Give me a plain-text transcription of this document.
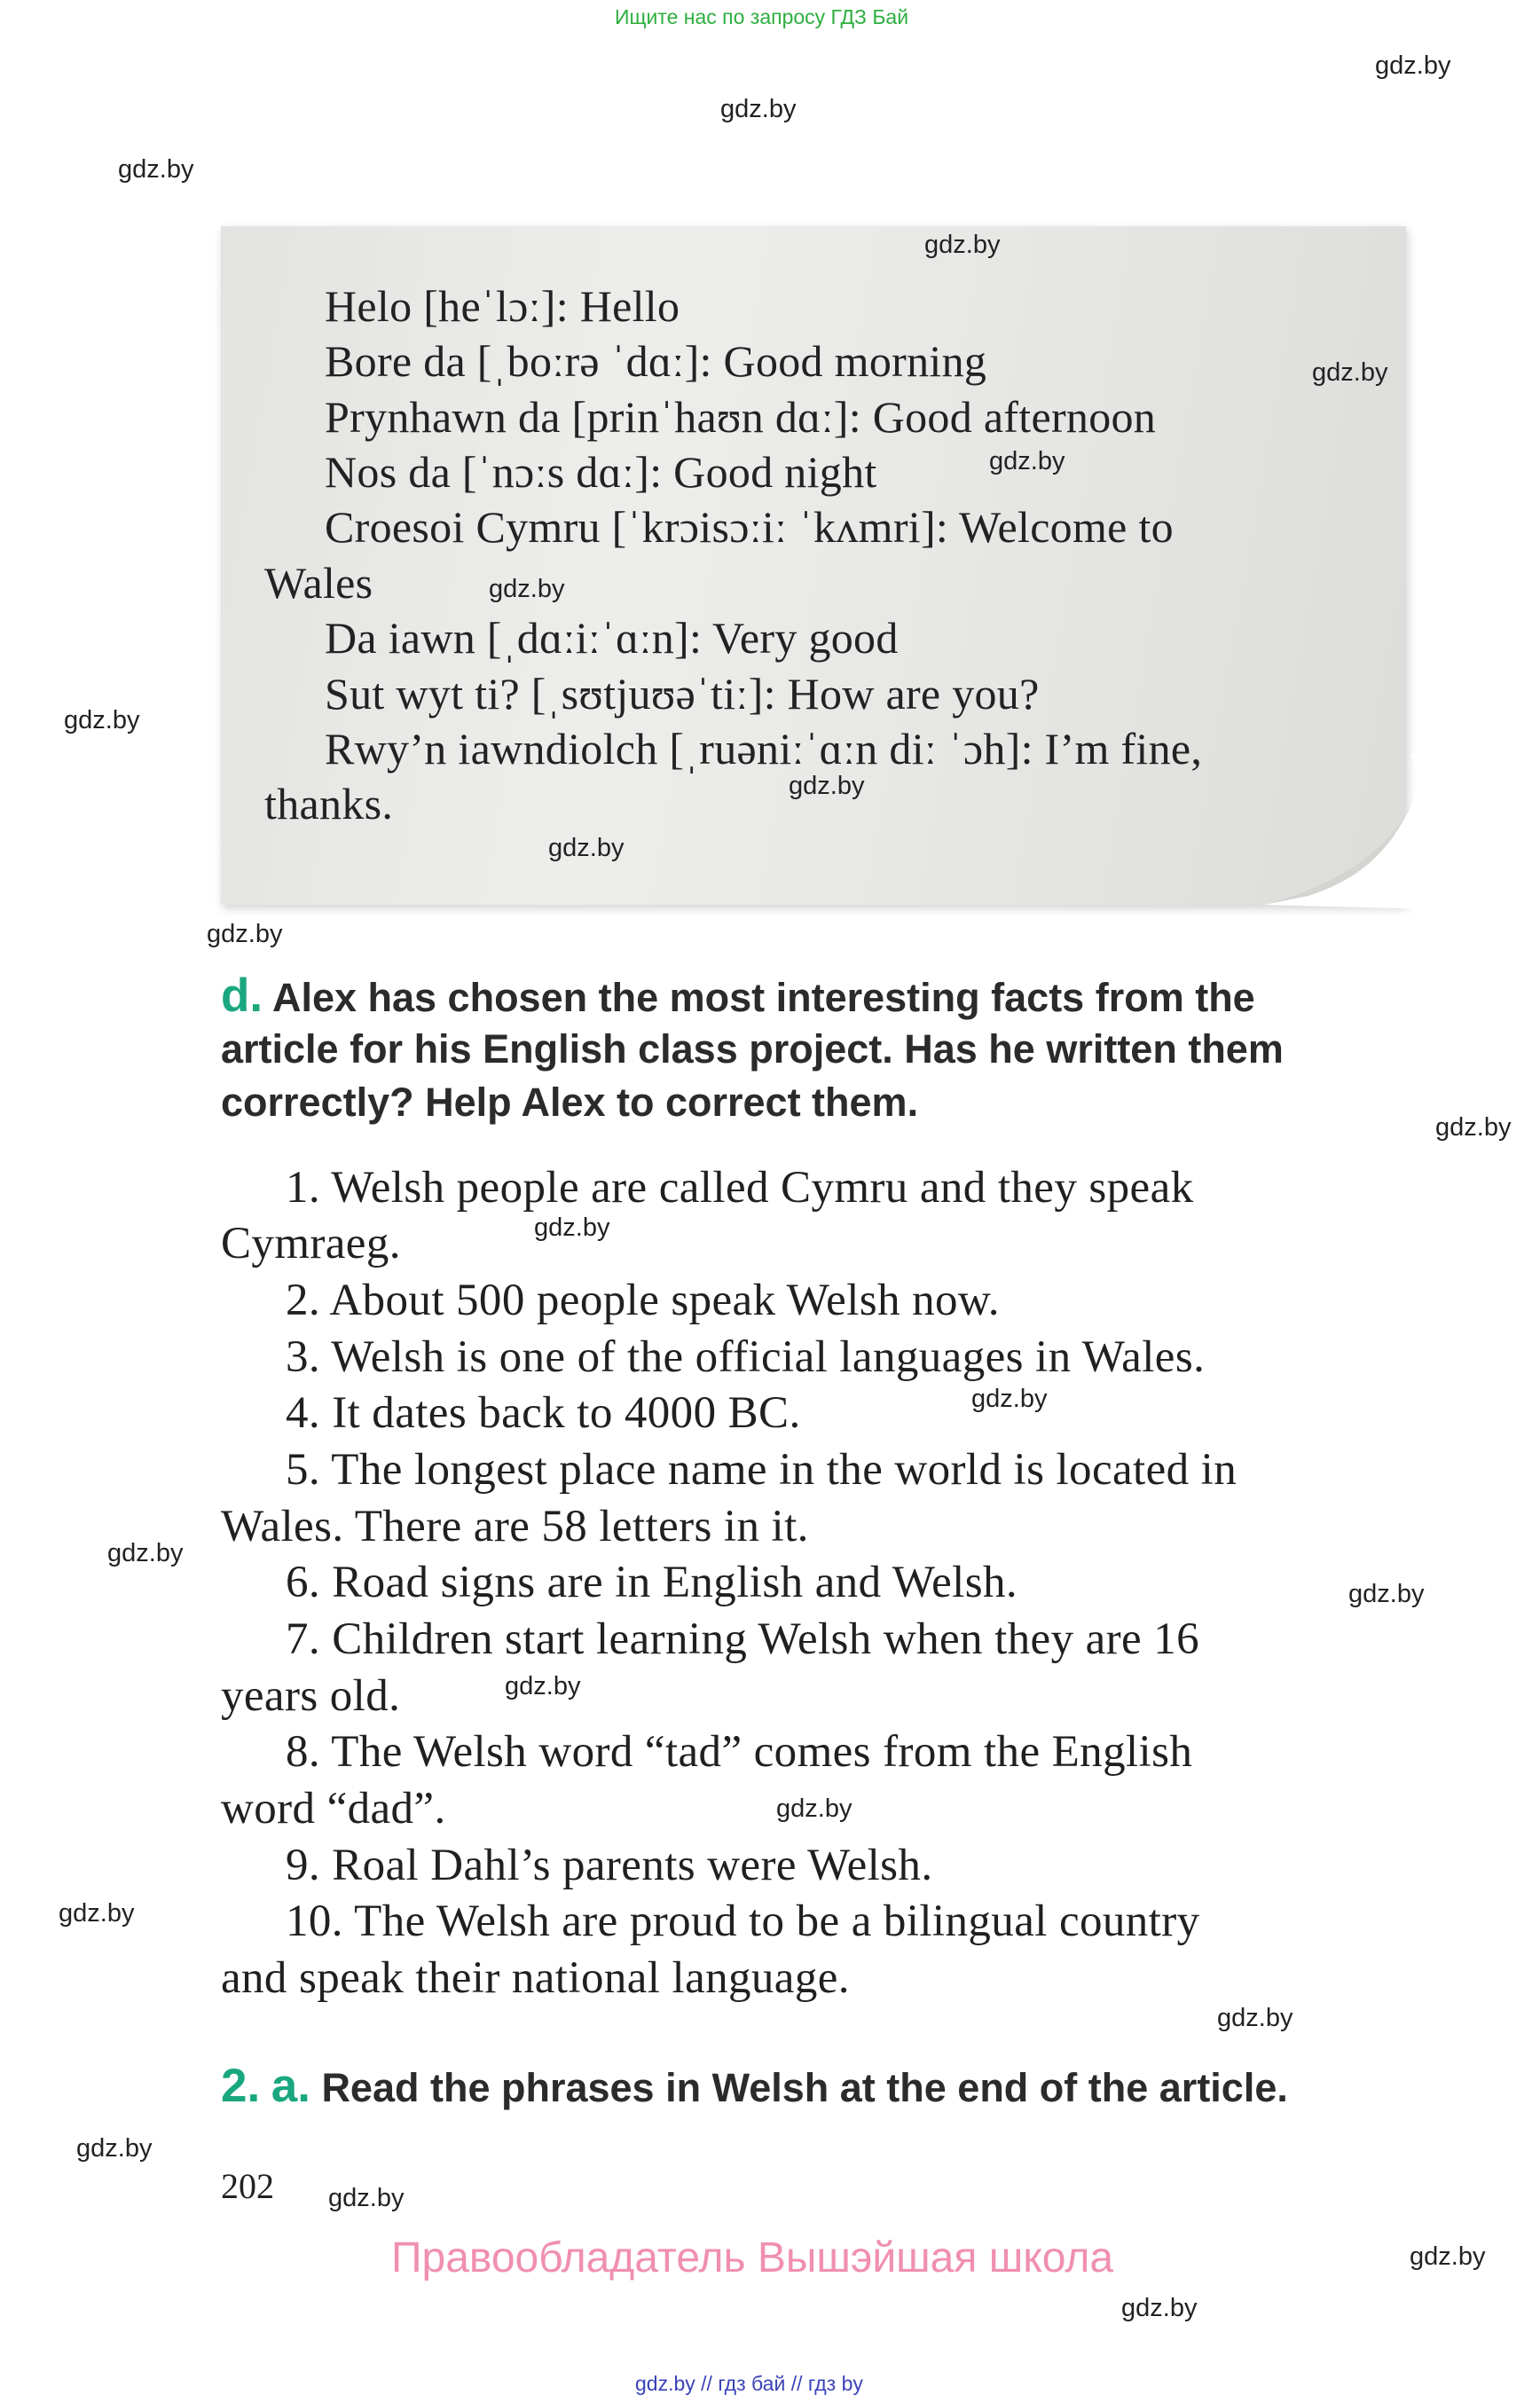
Ищите нас по запросу ГДЗ Бай
gdz.by
gdz.by
gdz.by
Helo [heˈlɔː]: Hello
Bore da [ˌboːrə ˈdɑː]: Good morning
Prynhawn da [prinˈhaʊn dɑː]: Good afternoon
Nos da [ˈnɔːs dɑː]: Good night
Croesoi Cymru [ˈkrɔisɔːiː ˈkʌmri]: Welcome to
Wales
Da iawn [ˌdɑːiːˈɑːn]: Very good
Sut wyt ti? [ˌsʊtjuʊəˈtiː]: How are you?
Rwy’n iawndiolch [ˌruəniːˈɑːn diː ˈɔh]: I’m fine,
thanks.
gdz.by
gdz.by
gdz.by
gdz.by
gdz.by
gdz.by
gdz.by
gdz.by
d. Alex has chosen the most interesting facts from the
article for his English class project. Has he written them
correctly? Help Alex to correct them.
gdz.by
1. Welsh people are called Cymru and they speak
Cymraeg.
2. About 500 people speak Welsh now.
3. Welsh is one of the official languages in Wales.
4. It dates back to 4000 BC.
5. The longest place name in the world is located in
Wales. There are 58 letters in it.
6. Road signs are in English and Welsh.
7. Children start learning Welsh when they are 16
years old.
8. The Welsh word “tad” comes from the English
word “dad”.
9. Roal Dahl’s parents were Welsh.
10. The Welsh are proud to be a bilingual country
and speak their national language.
gdz.by
gdz.by
gdz.by
gdz.by
gdz.by
gdz.by
gdz.by
gdz.by
2. a. Read the phrases in Welsh at the end of the article.
gdz.by
202 gdz.by
Правообладатель Вышэйшая школа	gdz.by
gdz.by
gdz.by // гдз бай // гдз by
